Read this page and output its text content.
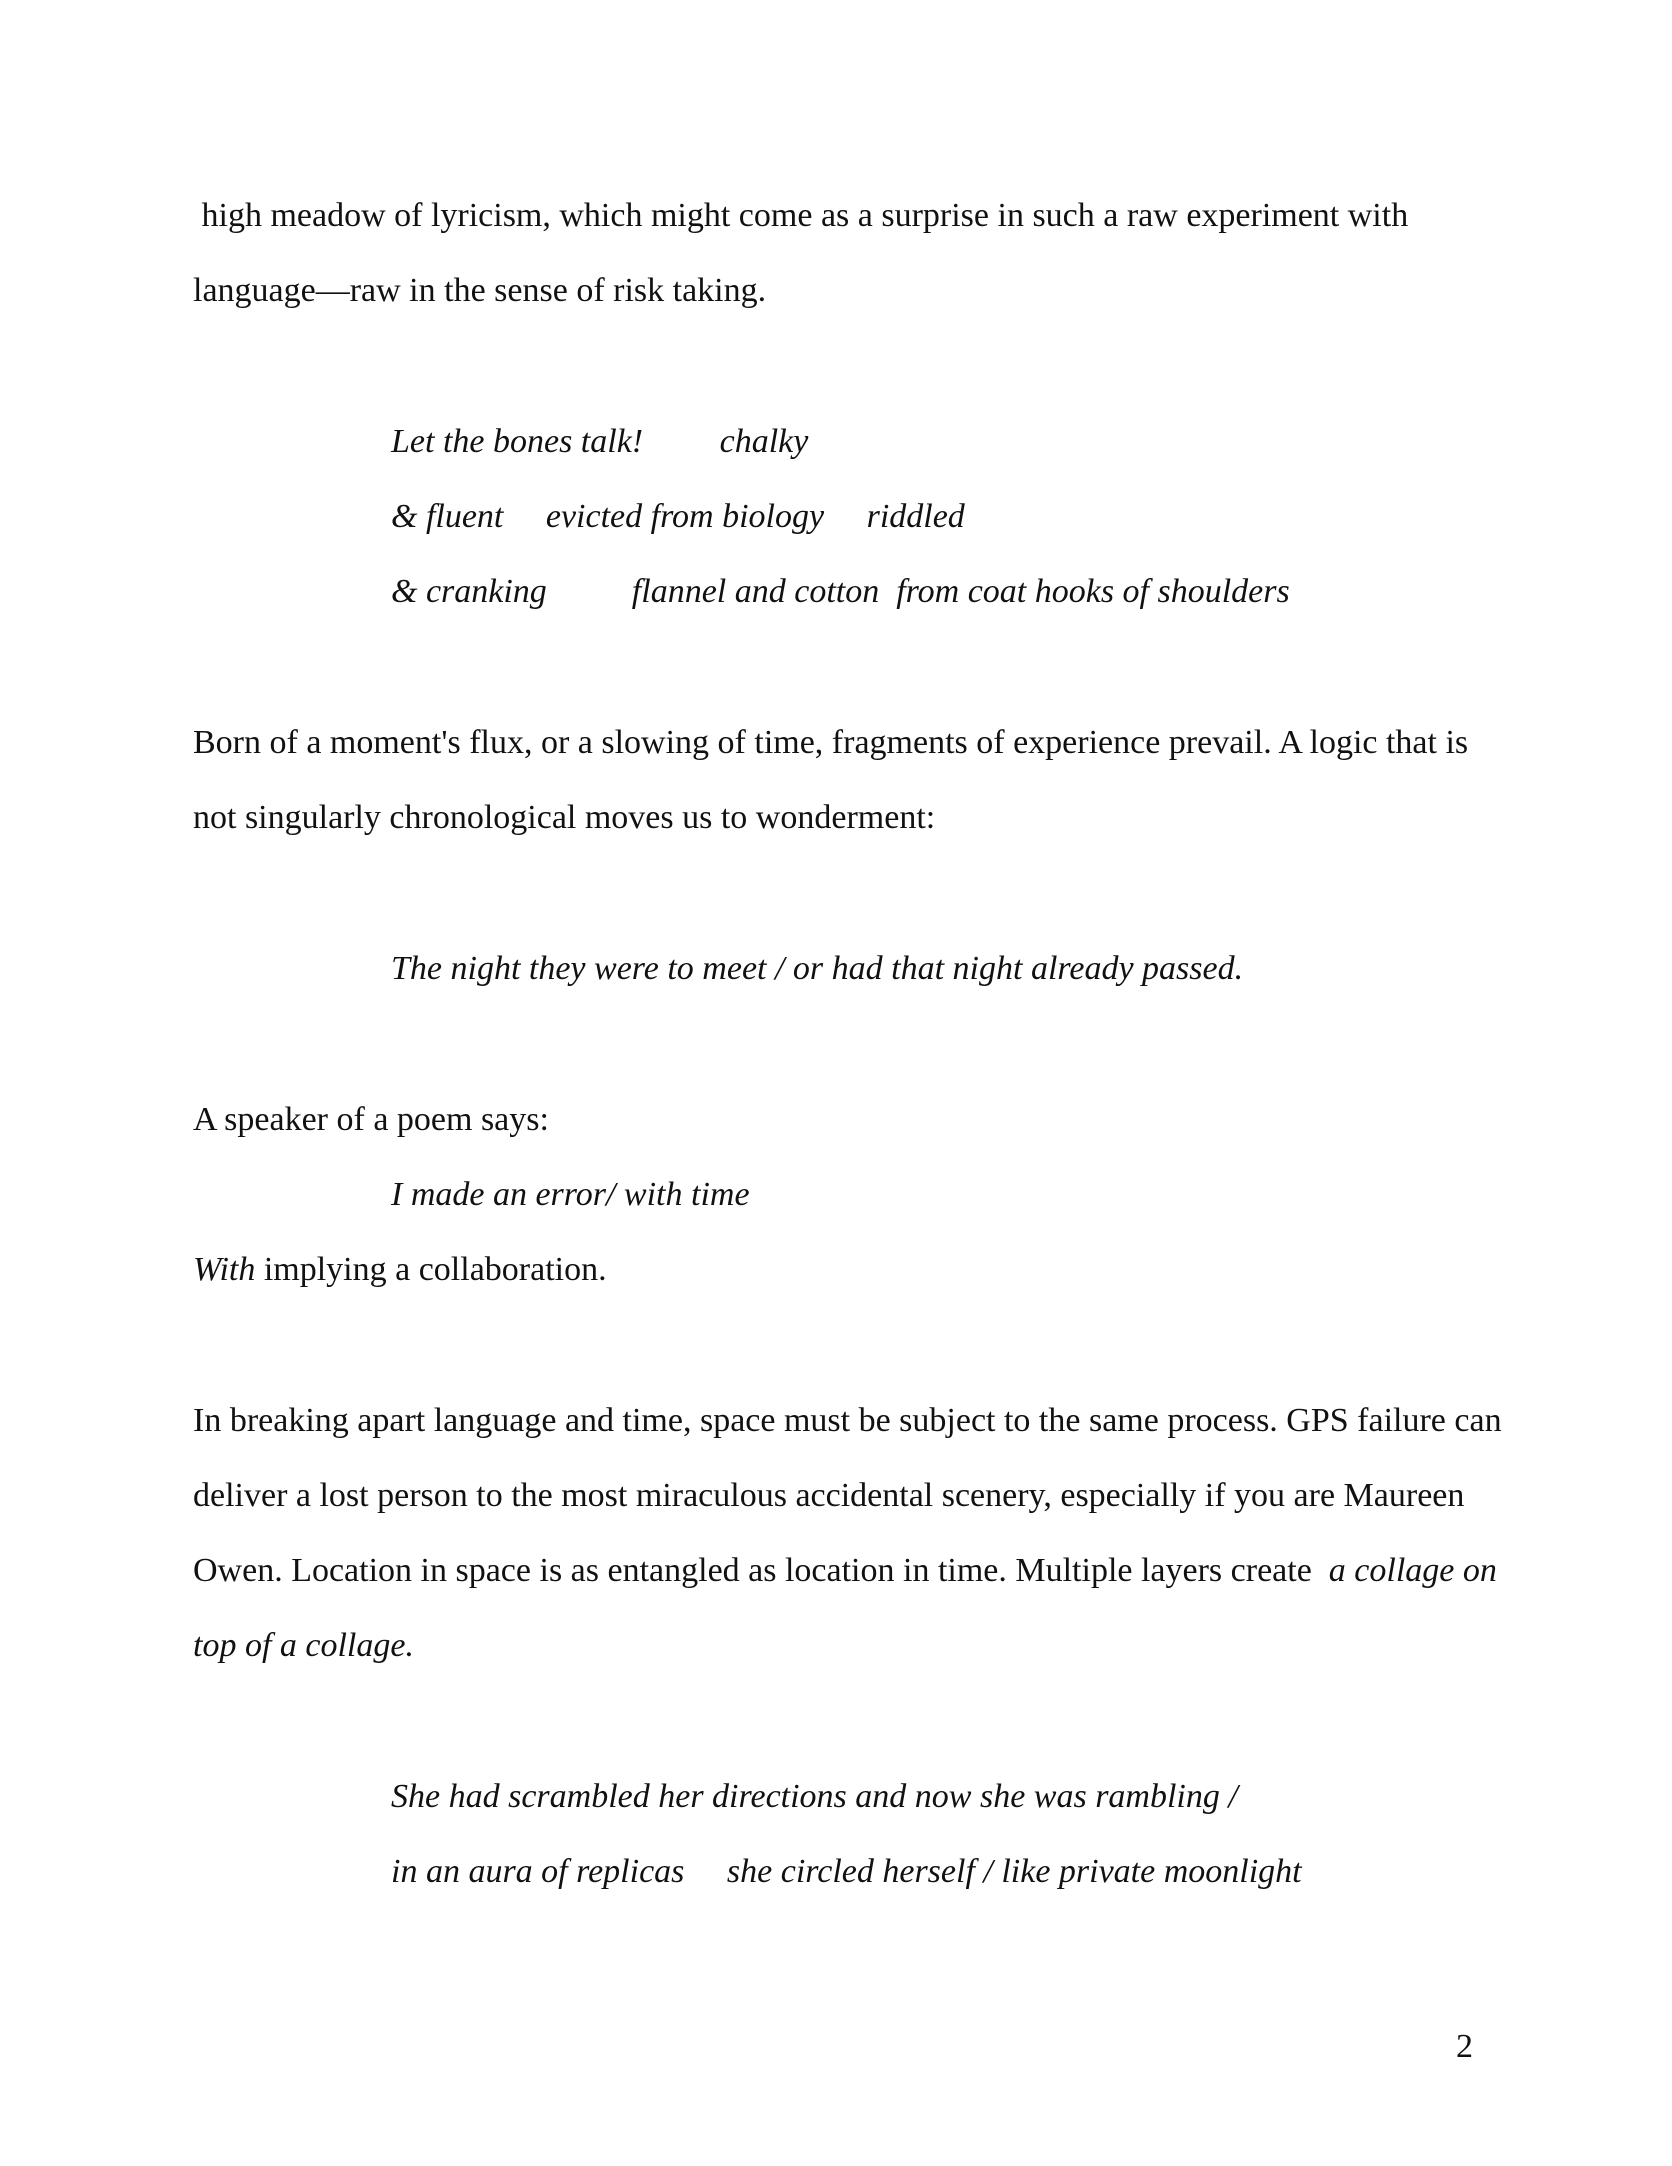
high meadow of lyricism, which might come as a surprise in such a raw experiment with

language—raw in the sense of risk taking.

Let the bones talk!         chalky

& fluent     evicted from biology     riddled

& cranking          flannel and cotton  from coat hooks of shoulders

Born of a moment's flux, or a slowing of time, fragments of experience prevail. A logic that is

not singularly chronological moves us to wonderment:

The night they were to meet / or had that night already passed.

A speaker of a poem says:

I made an error/ with time

With implying a collaboration.

In breaking apart language and time, space must be subject to the same process. GPS failure can

deliver a lost person to the most miraculous accidental scenery, especially if you are Maureen

Owen. Location in space is as entangled as location in time. Multiple layers create  a collage on

top of a collage.

She had scrambled her directions and now she was rambling /

in an aura of replicas     she circled herself / like private moonlight

2
